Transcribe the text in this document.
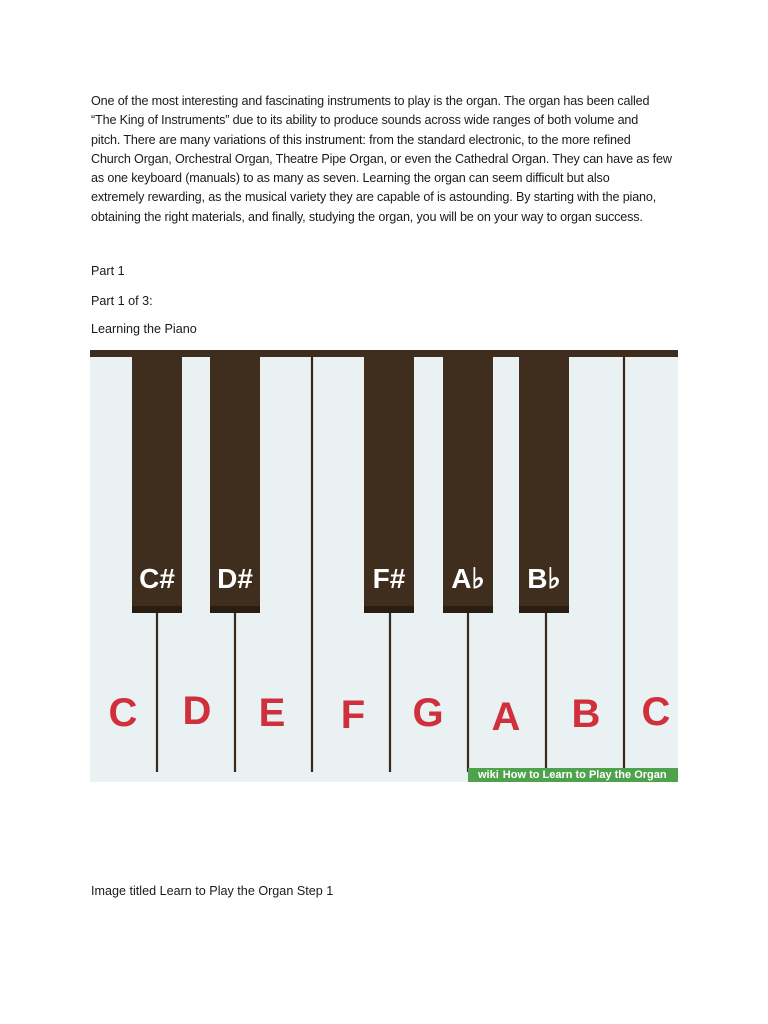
One of the most interesting and fascinating instruments to play is the organ. The organ has been called
“The King of Instruments” due to its ability to produce sounds across wide ranges of both volume and
pitch. There are many variations of this instrument: from the standard electronic, to the more refined
Church Organ, Orchestral Organ, Theatre Pipe Organ, or even the Cathedral Organ. They can have as few
as one keyboard (manuals) to as many as seven. Learning the organ can seem difficult but also
extremely rewarding, as the musical variety they are capable of is astounding. By starting with the piano,
obtaining the right materials, and finally, studying the organ, you will be on your way to organ success.

Part 1

Part 1 of 3:

Learning the Piano

C# D#	F# A♭ B♭
C D E F G A B C
wiki How to Learn to Play the Organ

Image titled Learn to Play the Organ Step 1
